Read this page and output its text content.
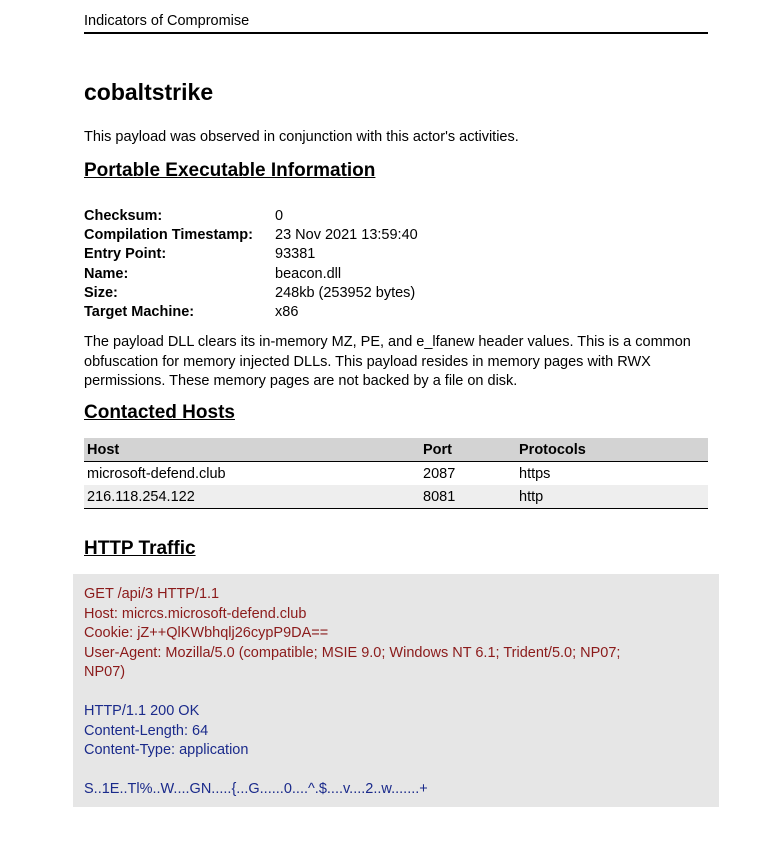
Indicators of Compromise
cobaltstrike

This payload was observed in conjunction with this actor's activities.

Portable Executable Information
Checksum:	0
Compilation Timestamp:	23 Nov 2021 13:59:40
Entry Point:	93381
Name:	beacon.dll
Size:	248kb (253952 bytes)
Target Machine:	x86

The payload DLL clears its in-memory MZ, PE, and e_lfanew header values. This is a common obfuscation for memory injected DLLs. This payload resides in memory pages with RWX permissions. These memory pages are not backed by a file on disk.

Contacted Hosts
Host	Port	Protocols
microsoft-defend.club	2087	https
216.118.254.122	8081	http
HTTP Traffic
GET /api/3 HTTP/1.1
Host: micrcs.microsoft-defend.club
Cookie: jZ++QlKWbhqlj26cypP9DA==
User-Agent: Mozilla/5.0 (compatible; MSIE 9.0; Windows NT 6.1; Trident/5.0; NP07;
NP07)
HTTP/1.1 200 OK
Content-Length: 64
Content-Type: application
S..1E..Tl%..W....GN.....{...G......0....^.$....v....2..w.......+
